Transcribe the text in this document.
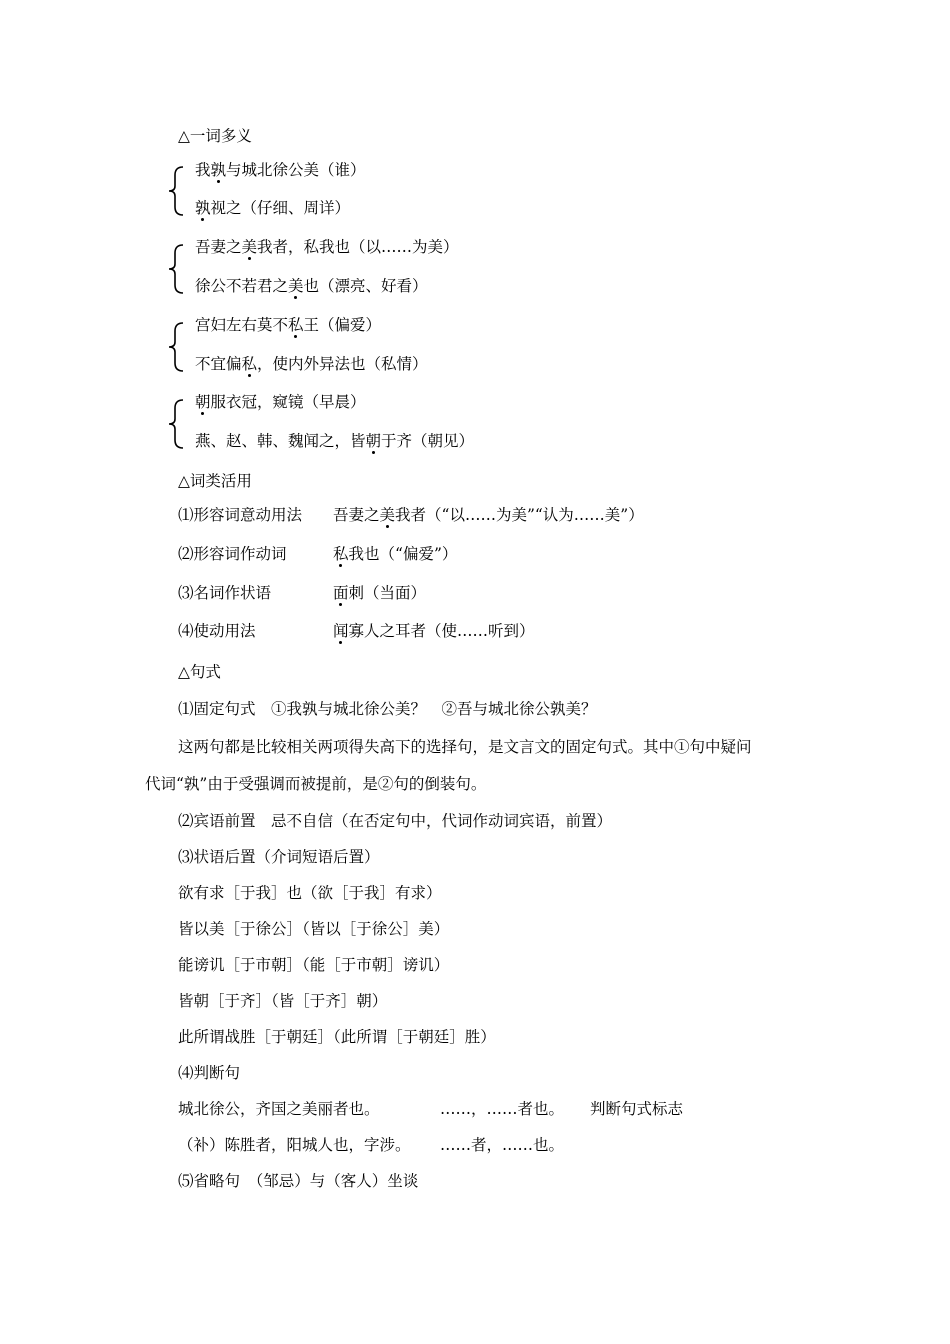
△一词多义
我孰与城北徐公美（谁）
孰视之（仔细、周详）
吾妻之美我者，私我也（以……为美）
徐公不若君之美也（漂亮、好看）
宫妇左右莫不私王（偏爱）
不宜偏私，使内外异法也（私情）
朝服衣冠，窥镜（早晨）
燕、赵、韩、魏闻之，皆朝于齐（朝见）
△词类活用
⑴形容词意动用法 吾妻之美我者（“以……为美”“认为……美”）
⑵形容词作动词	私我也（“偏爱”）
⑶名词作状语	面刺（当面）
⑷使动用法	闻寡人之耳者（使……听到）
△句式
⑴固定句式　①我孰与城北徐公美？　②吾与城北徐公孰美？
这两句都是比较相关两项得失高下的选择句，是文言文的固定句式。其中①句中疑问
代词“孰”由于受强调而被提前，是②句的倒装句。
⑵宾语前置　忌不自信（在否定句中，代词作动词宾语，前置）
⑶状语后置（介词短语后置）
欲有求［于我］也（欲［于我］有求）
皆以美［于徐公］（皆以［于徐公］美）
能谤讥［于市朝］（能［于市朝］谤讥）
皆朝［于齐］（皆［于齐］朝）
此所谓战胜［于朝廷］（此所谓［于朝廷］胜）
⑷判断句
城北徐公，齐国之美丽者也。	……，……者也。 判断句式标志
（补）陈胜者，阳城人也，字涉。 ……者，……也。
⑸省略句　（邹忌）与（客人）坐谈
